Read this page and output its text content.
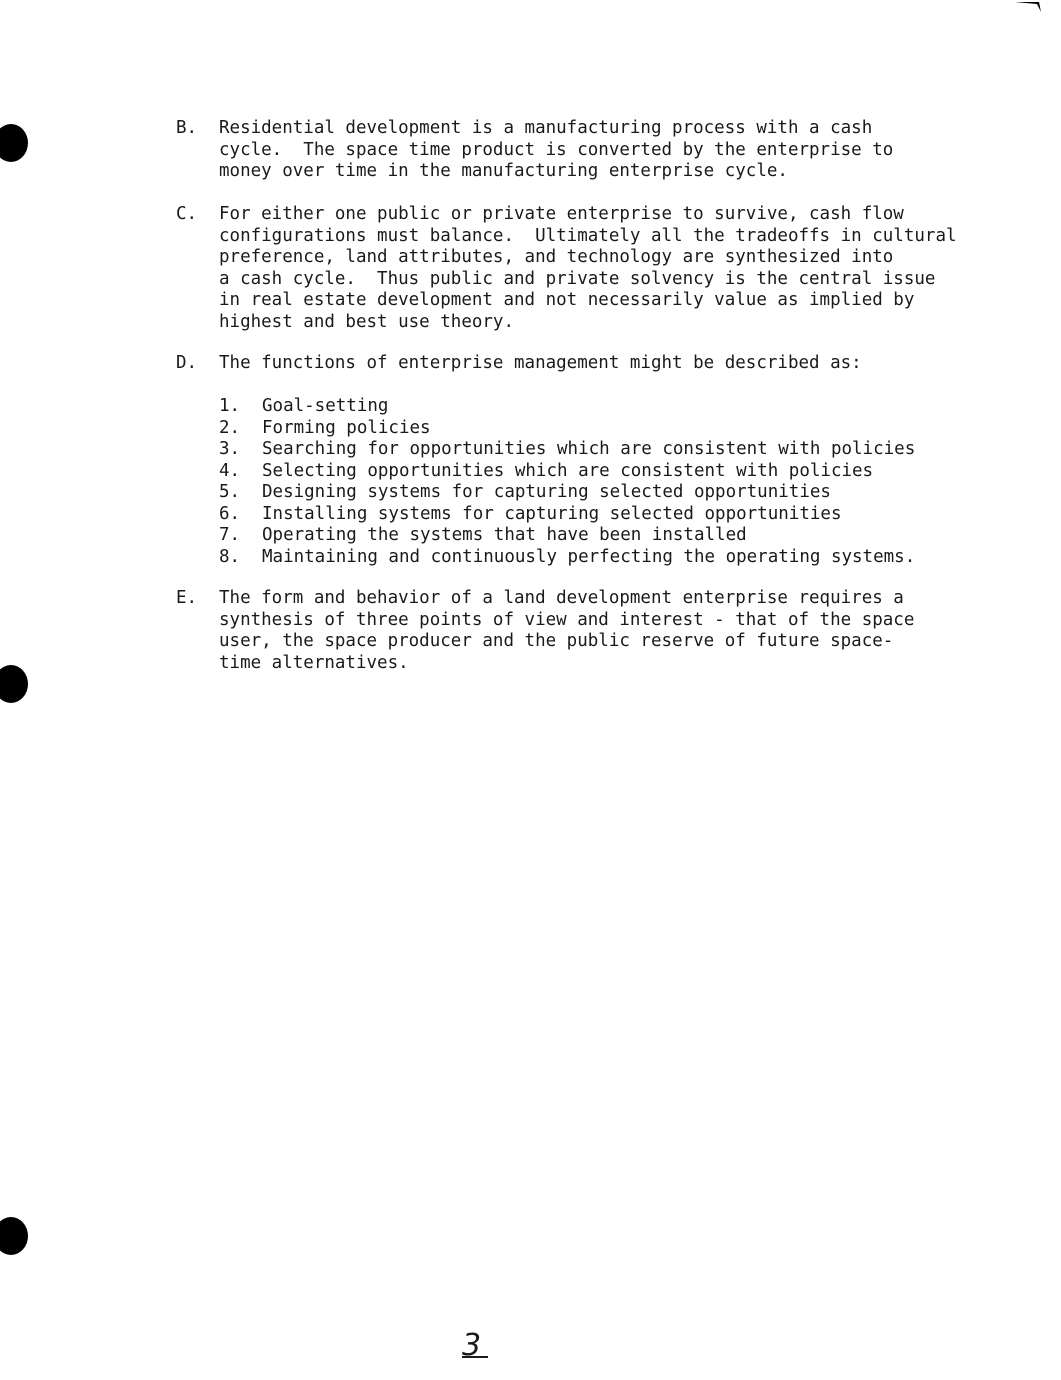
B.	Residential development is a manufacturing process with a cash
cycle.  The space time product is converted by the enterprise to
money over time in the manufacturing enterprise cycle.
C.	For either one public or private enterprise to survive, cash flow
configurations must balance.  Ultimately all the tradeoffs in cultural
preference, land attributes, and technology are synthesized into
a cash cycle.  Thus public and private solvency is the central issue
in real estate development and not necessarily value as implied by
highest and best use theory.
D.	The functions of enterprise management might be described as:

1.

	Goal-setting

2.

	Forming policies

3.

	Searching for opportunities which are consistent with policies

4.

	Selecting opportunities which are consistent with policies

5.

	Designing systems for capturing selected opportunities

6.

	Installing systems for capturing selected opportunities

7.

	Operating the systems that have been installed

8.

	Maintaining and continuously perfecting the operating systems.

E.	The form and behavior of a land development enterprise requires a
synthesis of three points of view and interest - that of the space
user, the space producer and the public reserve of future space-
time alternatives.
3
